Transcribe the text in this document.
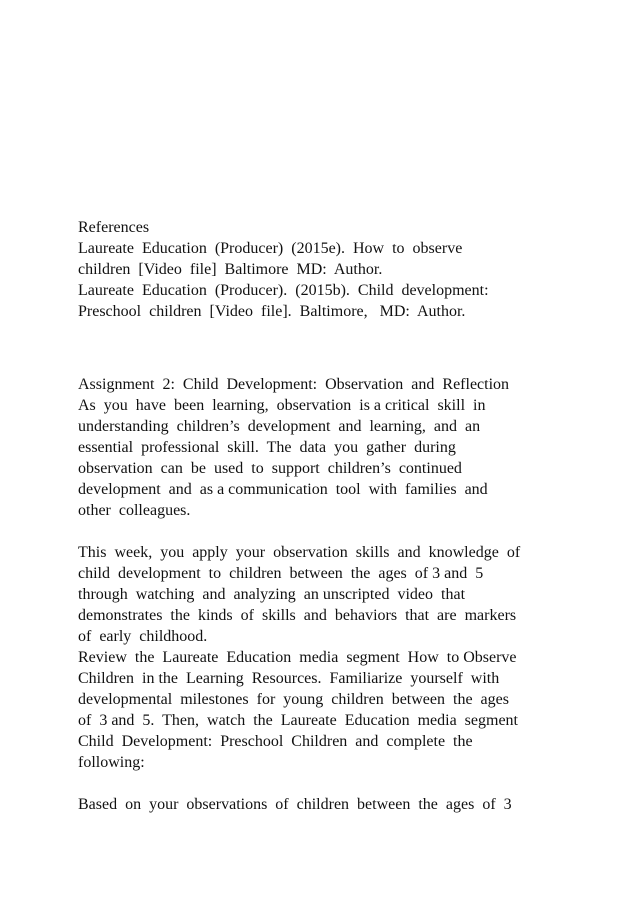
References

Laureate  Education  (Producer)  (2015e).  How  to  observe

children  [Video  file]  Baltimore  MD:  Author.

Laureate  Education  (Producer).  (2015b).  Child  development:

Preschool  children  [Video  file].  Baltimore,   MD:  Author.

Assignment  2:  Child  Development:  Observation  and  Reflection

As  you  have  been  learning,  observation  is a critical  skill  in

understanding  children’s  development  and  learning,  and  an

essential  professional  skill.  The  data  you  gather  during

observation  can  be  used  to  support  children’s  continued

development  and  as a communication  tool  with  families  and

other  colleagues.

This  week,  you  apply  your  observation  skills  and  knowledge  of

child  development  to  children  between  the  ages  of 3 and  5

through  watching  and  analyzing  an unscripted  video  that

demonstrates  the  kinds  of  skills  and  behaviors  that  are  markers

of  early  childhood.

Review  the  Laureate  Education  media  segment  How  to Observe

Children  in the  Learning  Resources.  Familiarize  yourself  with

developmental  milestones  for  young  children  between  the  ages

of  3 and  5.  Then,  watch  the  Laureate  Education  media  segment

Child  Development:  Preschool  Children  and  complete  the

following:

Based  on  your  observations  of  children  between  the  ages  of  3
